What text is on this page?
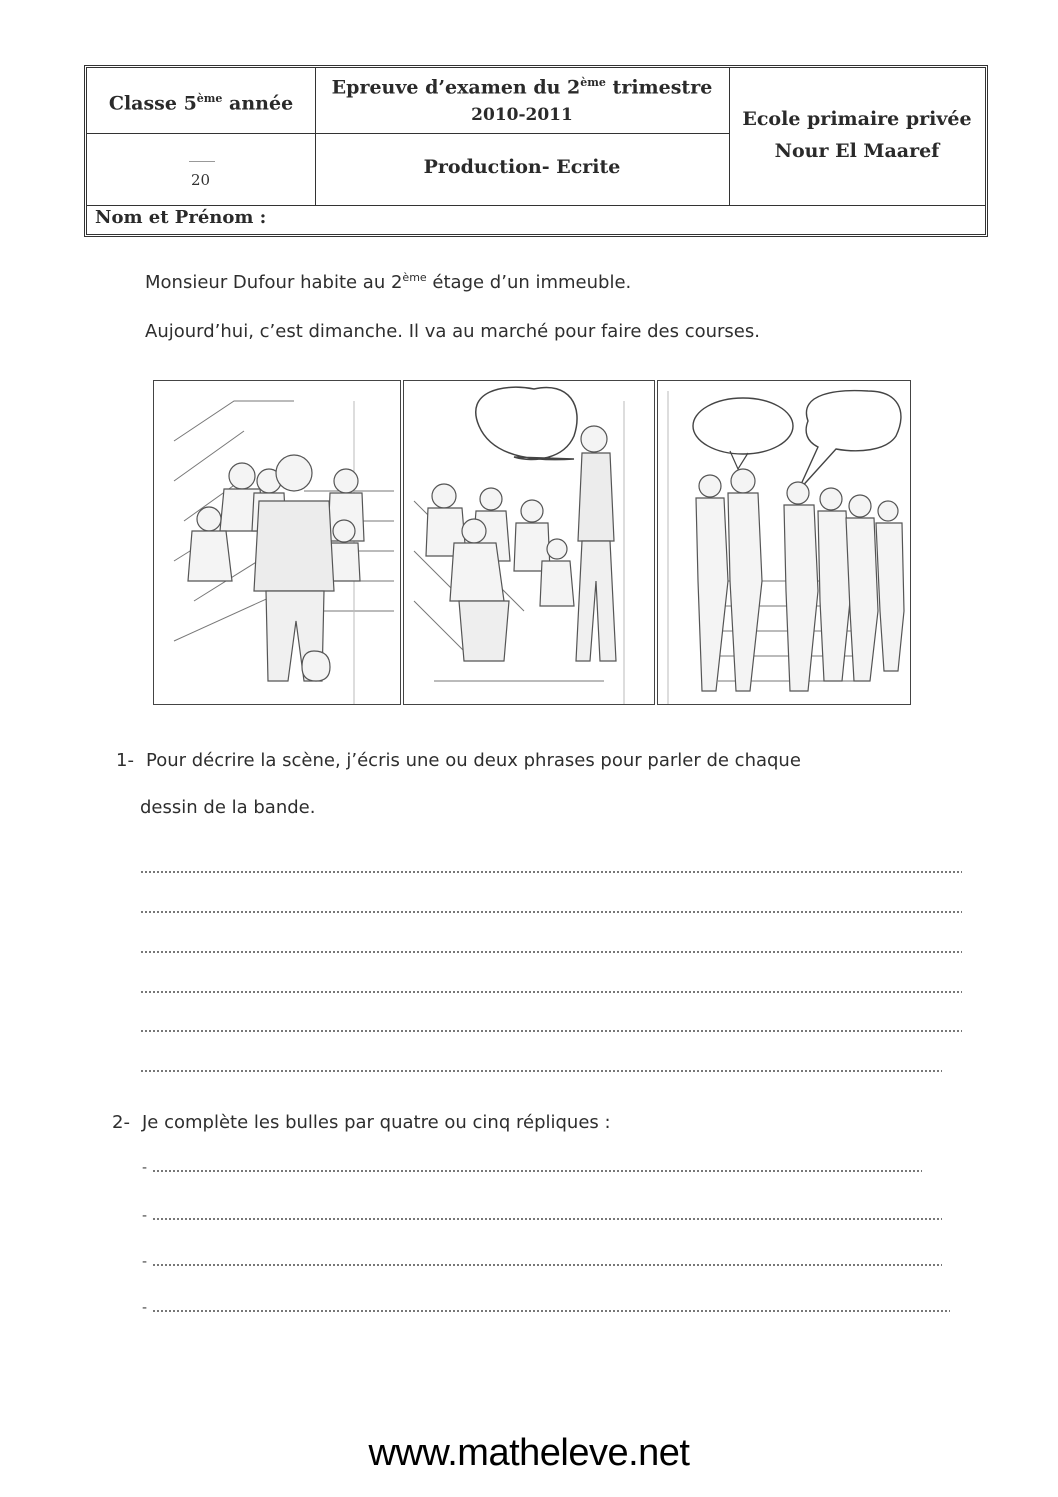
Classe 5ème année
Epreuve d’examen du 2ème trimestre
2010-2011
20
Production- Ecrite
Ecole primaire privée
Nour El Maaref
Nom et Prénom :
Monsieur Dufour habite au 2ème étage d’un immeuble.
Aujourd’hui, c’est dimanche. Il va au marché pour faire des courses.
1- Pour décrire la scène, j’écris une ou deux phrases pour parler de chaque
dessin de la bande.
2- Je complète les bulles par quatre ou cinq répliques :
-
-
-
-
www.matheleve.net
